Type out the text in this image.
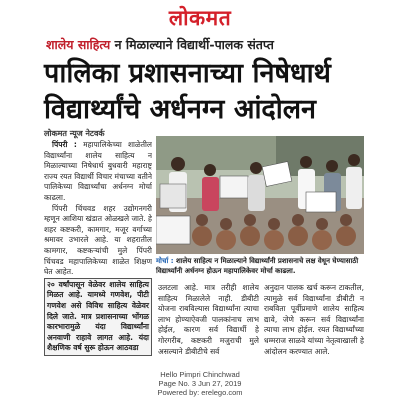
लोकमत
शालेय साहित्य न मिळाल्याने विद्यार्थी-पालक संतप्त
पालिका प्रशासनाच्या निषेधार्थ
विद्यार्थ्यांचे अर्धनग्न आंदोलन
लोकमत न्यूज नेटवर्क

पिंपरी : महापालिकेच्या शाळेतील विद्यार्थ्यांना शालेय साहित्य न मिळाल्याच्या निषेधार्थ बुधवारी महाराष्ट्र राज्य रयत विद्यार्थी विचार मंचाच्या वतीने पालिकेच्या विद्यार्थ्यांचा अर्धनग्न मोर्चा काढला.

पिंपरी चिंचवड शहर उद्योगनगरी म्हणून आशिया खंडात ओळखले जाते. हे शहर कष्टकरी, कामगार, मजूर वर्गाच्या श्रमावर उभारले आहे. या शहरातील कामगार, कष्टकऱ्यांची मुले पिंपरी चिंचवड महापालिकेच्या शाळेत शिक्षण घेत आहेत.

२० वर्षांपासून वेळेवर शालेय साहित्य मिळत आहे. यामध्ये गणवेश, पीटी गणवेश असे विविध साहित्य वेळेवर दिले जाते. मात्र प्रशासनाच्या भोंगळ कारभारामुळे यंदा विद्यार्थ्यांना अनवाणी राहावे लागत आहे. यंदा शैक्षणिक वर्ष सुरू होऊन आठवडा

मोर्चा : शालेय साहित्य न मिळाल्याने विद्यार्थ्यांनी प्रशासनाचे लक्ष वेधून घेण्यासाठी विद्यार्थ्यांनी अर्धनग्न होऊन महापालिकेवर मोर्चा काढला.

उलटला आहे. मात्र तरीही शालेय साहित्य मिळालेले नाही. डीबीटी योजना राबविल्यास विद्यार्थ्यांना त्याचा लाभ होण्याऐवजी पालकांनाच लाभ होईल, कारण सर्व विद्यार्थी हे गोरगरीब, कष्टकरी मजुराची मुले असल्याने डीबीटीचे सर्व

अनुदान पालक खर्च करून टाकतील, त्यामुळे सर्व विद्यार्थ्यांना डीबीटी न राबविता पूर्वीप्रमाणे शालेय साहित्य द्यावे, जेणे करून सर्व विद्यार्थ्यांना त्याचा लाभ होईल. रयत विद्यार्थ्यांच्या धम्मराज साळवे यांच्या नेतृत्वाखाली हे आंदोलन करण्यात आले.

Hello Pimpri Chinchwad
Page No. 3 Jun 27, 2019
Powered by: erelego.com
